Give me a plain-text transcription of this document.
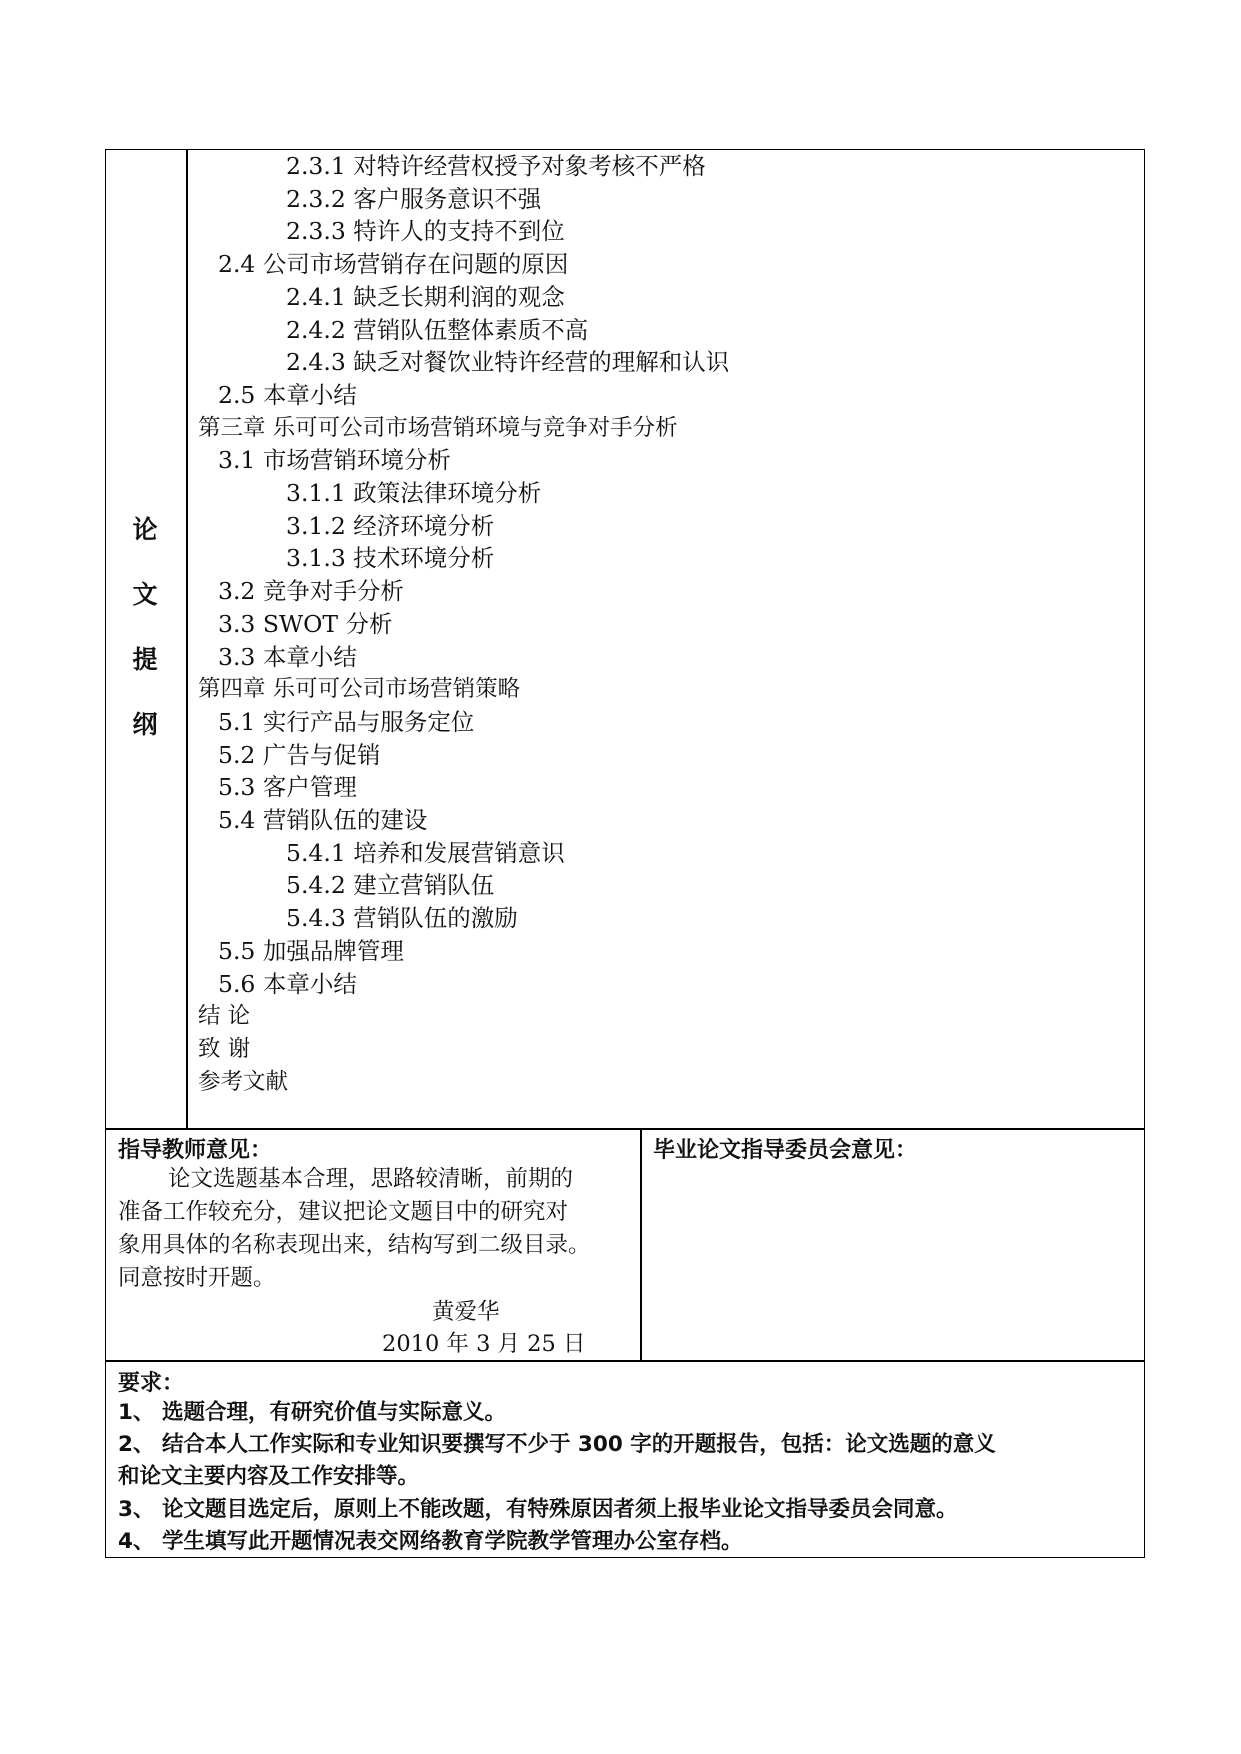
论
文
提
纲
2.3.1 对特许经营权授予对象考核不严格
2.3.2 客户服务意识不强
2.3.3 特许人的支持不到位
2.4 公司市场营销存在问题的原因
2.4.1 缺乏长期利润的观念
2.4.2 营销队伍整体素质不高
2.4.3 缺乏对餐饮业特许经营的理解和认识
2.5 本章小结
第三章 乐可可公司市场营销环境与竞争对手分析
3.1 市场营销环境分析
3.1.1 政策法律环境分析
3.1.2 经济环境分析
3.1.3 技术环境分析
3.2 竞争对手分析
3.3 SWOT 分析
3.3 本章小结
第四章 乐可可公司市场营销策略
5.1 实行产品与服务定位
5.2 广告与促销
5.3 客户管理
5.4 营销队伍的建设
5.4.1 培养和发展营销意识
5.4.2 建立营销队伍
5.4.3 营销队伍的激励
5.5 加强品牌管理
5.6 本章小结
结 论
致 谢
参考文献
指导教师意见：
论文选题基本合理，思路较清晰，前期的
准备工作较充分，建议把论文题目中的研究对
象用具体的名称表现出来，结构写到二级目录。
同意按时开题。
黄爱华
2010 年 3 月 25 日
毕业论文指导委员会意见：
要求：
1、 选题合理，有研究价值与实际意义。
2、 结合本人工作实际和专业知识要撰写不少于 300 字的开题报告，包括：论文选题的意义
和论文主要内容及工作安排等。
3、 论文题目选定后，原则上不能改题，有特殊原因者须上报毕业论文指导委员会同意。
4、 学生填写此开题情况表交网络教育学院教学管理办公室存档。
